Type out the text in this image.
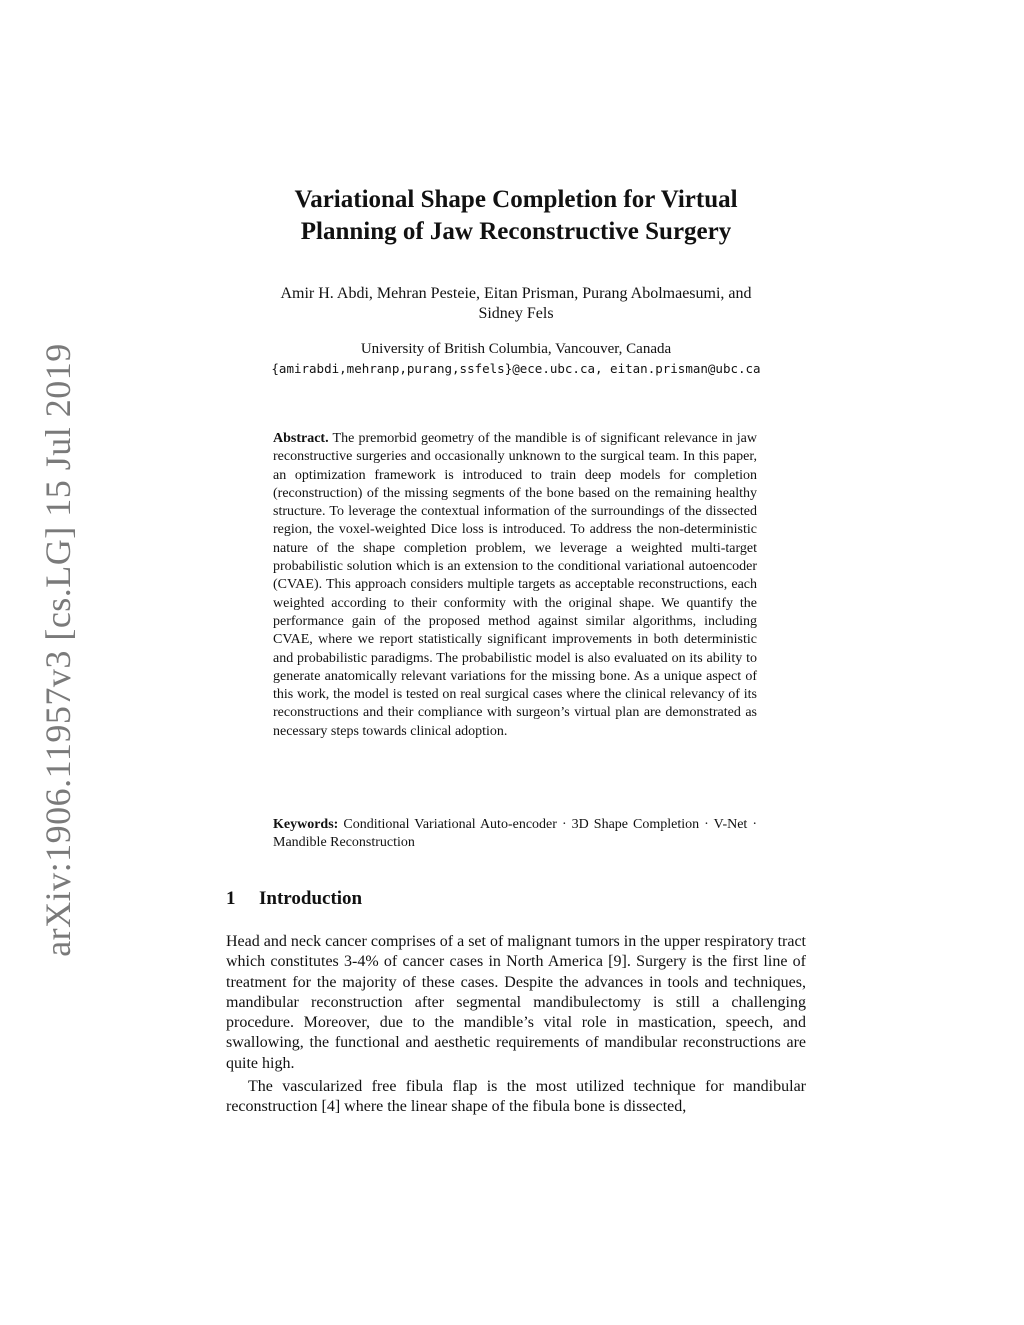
arXiv:1906.11957v3 [cs.LG] 15 Jul 2019
Variational Shape Completion for Virtual
Planning of Jaw Reconstructive Surgery
Amir H. Abdi, Mehran Pesteie, Eitan Prisman, Purang Abolmaesumi, and
Sidney Fels
University of British Columbia, Vancouver, Canada
{amirabdi,mehranp,purang,ssfels}@ece.ubc.ca, eitan.prisman@ubc.ca
Abstract. The premorbid geometry of the mandible is of significant relevance in jaw reconstructive surgeries and occasionally unknown to the surgical team. In this paper, an optimization framework is introduced to train deep models for completion (reconstruction) of the missing segments of the bone based on the remaining healthy structure. To leverage the contextual information of the surroundings of the dissected region, the voxel-weighted Dice loss is introduced. To address the non-deterministic nature of the shape completion problem, we leverage a weighted multi-target probabilistic solution which is an extension to the conditional variational autoencoder (CVAE). This approach considers multiple targets as acceptable reconstructions, each weighted according to their conformity with the original shape. We quantify the performance gain of the proposed method against similar algorithms, including CVAE, where we report statistically significant improvements in both deterministic and probabilistic paradigms. The probabilistic model is also evaluated on its ability to generate anatomically relevant variations for the missing bone. As a unique aspect of this work, the model is tested on real surgical cases where the clinical relevancy of its reconstructions and their compliance with surgeon’s virtual plan are demonstrated as necessary steps towards clinical adoption.
Keywords: Conditional Variational Auto-encoder · 3D Shape Completion · V-Net · Mandible Reconstruction
1 Introduction

Head and neck cancer comprises of a set of malignant tumors in the upper respiratory tract which constitutes 3-4% of cancer cases in North America [9]. Surgery is the first line of treatment for the majority of these cases. Despite the advances in tools and techniques, mandibular reconstruction after segmental mandibulectomy is still a challenging procedure. Moreover, due to the mandible’s vital role in mastication, speech, and swallowing, the functional and aesthetic requirements of mandibular reconstructions are quite high.

The vascularized free fibula flap is the most utilized technique for mandibular reconstruction [4] where the linear shape of the fibula bone is dissected,
